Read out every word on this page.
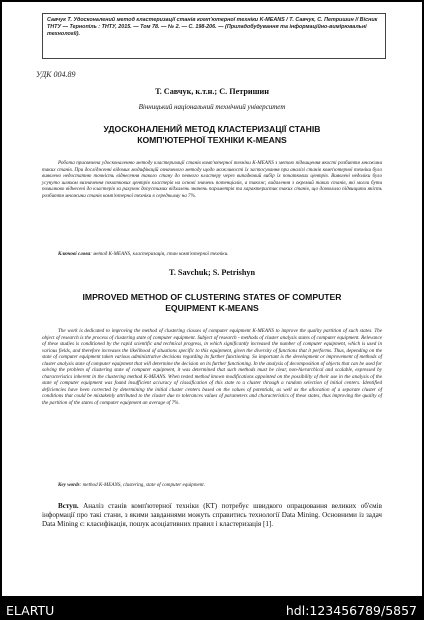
Савчук Т. Удосконалений метод кластеризації станів комп'ютерної техніки K-MEANS / Т. Савчук, С. Петришин // Вісник ТНТУ — Тернопіль : ТНТУ, 2015. — Том 78. — № 2. — С. 198-206. — (Приладобудування та інформаційно-вимірювальні технології).
УДК 004.89
Т. Савчук, к.т.н.; С. Петришин
Вінницький національний технічний університет
УДОСКОНАЛЕНИЙ МЕТОД КЛАСТЕРИЗАЦІЇ СТАНІВ
КОМП'ЮТЕРНОЇ ТЕХНІКИ K-MEANS
Робота присвячена удосконаленню методу кластеризації станів комп'ютерної техніки K-MEANS з метою підвищення якості розбиття множини таких станів. При дослідженні відомих модифікацій означеного методу щодо можливості їх застосування при аналізі станів комп'ютерної техніки було виявлено недостатню точність віднесення такого стану до певного кластеру через випадковий вибір їх початкових центрів. Виявлені недоліки було усунуто шляхом визначення початкових центрів кластерів на основі значень потенціалів, а також; видалення з окремий таких станів, які могли бути помилково віднесені до кластерів за рахунок допустимих відхилень значень параметрів та характеристик таких станів, що дозволило підвищити якість розбиття множини станів комп'ютерної техніки в середньому на 7%.
Ключові слова: метод K-MEANS, кластеризація, стан комп'ютерної техніки.
T. Savchuk; S. Petrishyn
IMPROVED METHOD OF CLUSTERING STATES OF COMPUTER
EQUIPMENT K-MEANS
The work is dedicated to improving the method of clustering classes of computer equipment K-MEANS to improve the quality partition of such states. The object of research is the process of clustering state of computer equipment. Subject of research - methods of cluster analysis states of computer equipment. Relevance of these studies is conditioned by the rapid scientific and technical progress, in which significantly increased the number of computer equipment, which is used in various fields, and therefore increases the likelihood of situations specific to this equipment, given the diversity of functions that it performs. Thus, depending on the state of computer equipment taken various administrative decisions regarding its further functioning. So important is the development or improvement of methods of cluster analysis state of computer equipment that will determine the decision on its further functioning. In the analysis of decomposition of objects that can be used for solving the problem of clustering state of computer equipment, it was determined that such methods must be clear, non-hierarchical and scalable, expressed by characteristics inherent in the clustering method K-MEANS. When tested method known modifications appointed on the possibility of their use in the analysis of the state of computer equipment was found insufficient accuracy of classification of this state to a cluster through a random selection of initial centers. Identified deficiencies have been corrected by determining the initial cluster centers based on the values of potentials, as well as the allocation of a separate cluster of conditions that could be mistakenly attributed to the cluster due to tolerances values of parameters and characteristics of these states, thus improving the quality of the partition of the states of computer equipment an average of 7%.
Key words: method K-MEANS, clustering, state of computer equipment.
Вступ. Аналіз станів комп'ютерної техніки (КТ) потребує швидкого опрацювання великих об'ємів інформації про такі стани, з якими завданнями можуть справитись технології Data Mining. Основними із задач Data Mining є: класифікація, пошук асоціативних правил і кластеризація [1].
ELARTU	hdl:123456789/5857
